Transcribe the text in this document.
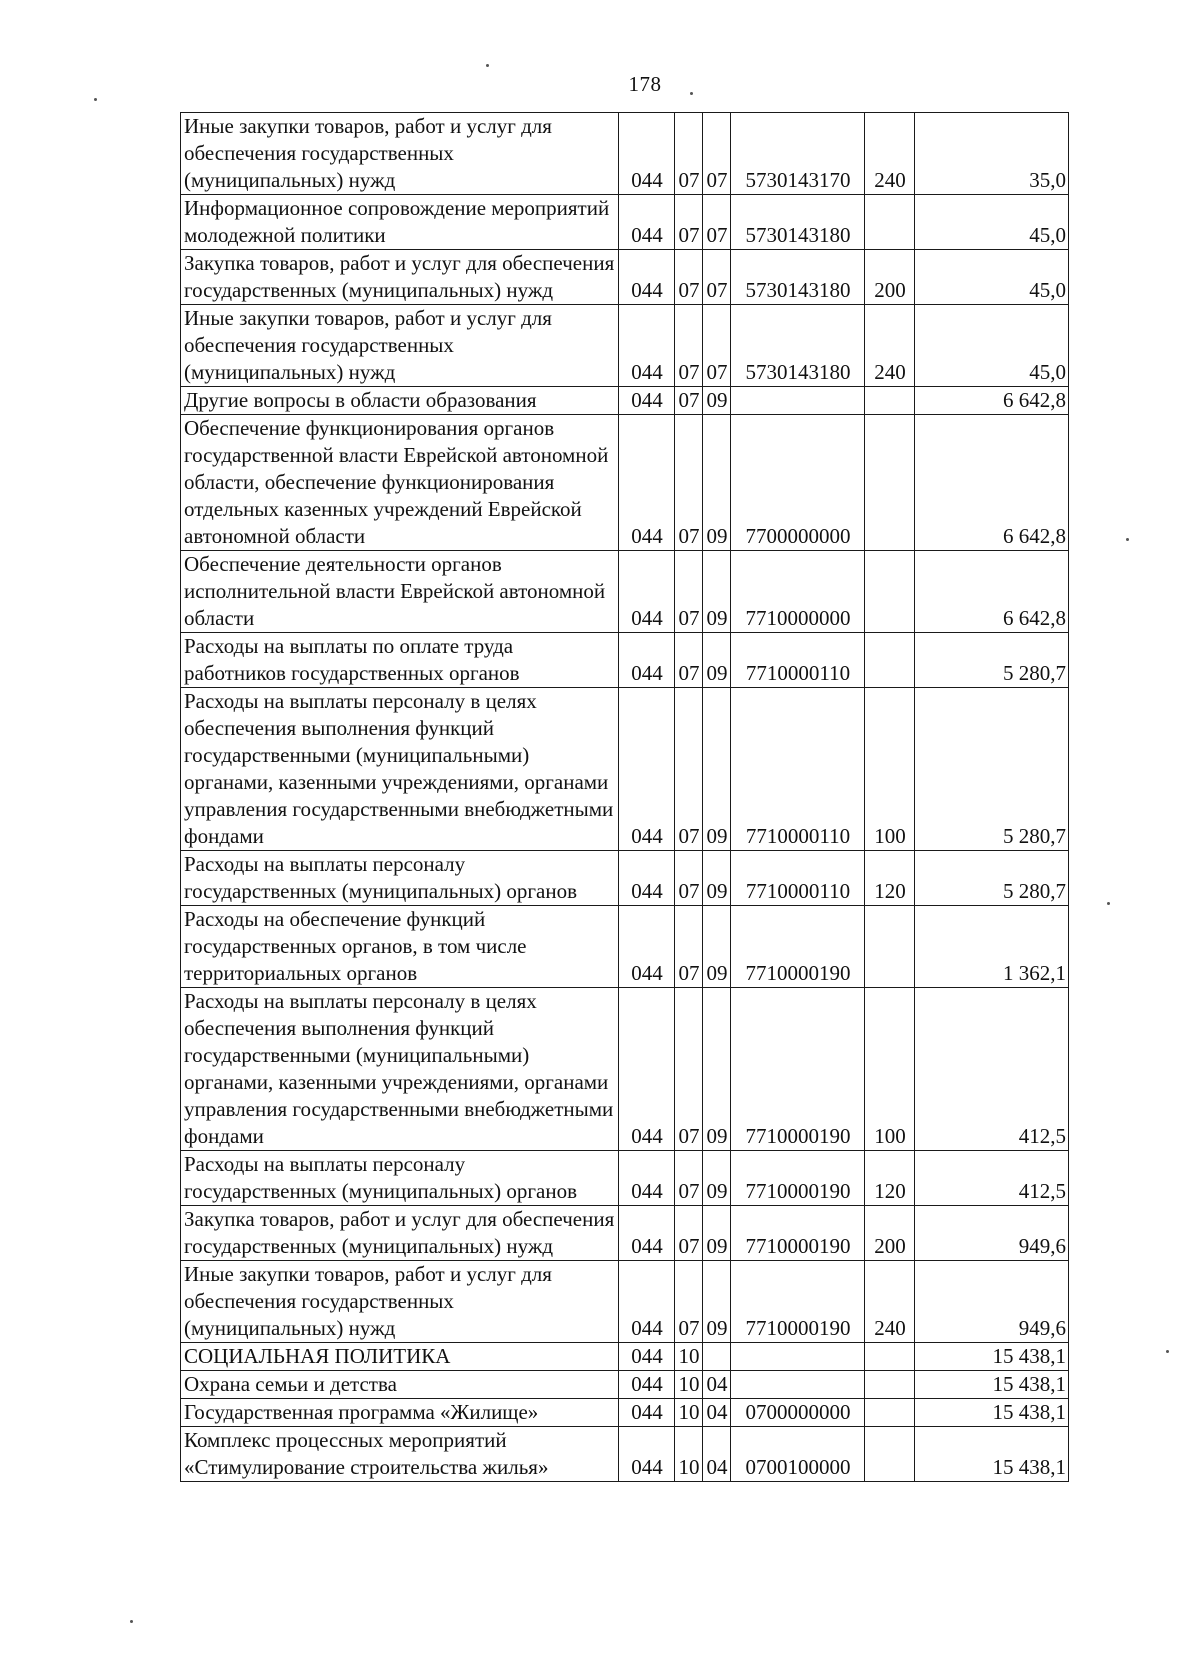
178
Иные закупки товаров, работ и услуг для обеспечения государственных (муниципальных) нужд	044	07	07	5730143170	240	35,0
Информационное сопровождение мероприятий молодежной политики	044	07	07	5730143180		45,0
Закупка товаров, работ и услуг для обеспечения государственных (муниципальных) нужд	044	07	07	5730143180	200	45,0
Иные закупки товаров, работ и услуг для обеспечения государственных (муниципальных) нужд	044	07	07	5730143180	240	45,0
Другие вопросы в области образования	044	07	09			6 642,8
Обеспечение функционирования органов государственной власти Еврейской автономной области, обеспечение функционирования отдельных казенных учреждений Еврейской автономной области	044	07	09	7700000000		6 642,8
Обеспечение деятельности органов исполнительной власти Еврейской автономной области	044	07	09	7710000000		6 642,8
Расходы на выплаты по оплате труда работников государственных органов	044	07	09	7710000110		5 280,7
Расходы на выплаты персоналу в целях обеспечения выполнения функций государственными (муниципальными) органами, казенными учреждениями, органами управления государственными внебюджетными фондами	044	07	09	7710000110	100	5 280,7
Расходы на выплаты персоналу государственных (муниципальных) органов	044	07	09	7710000110	120	5 280,7
Расходы на обеспечение функций государственных органов, в том числе территориальных органов	044	07	09	7710000190		1 362,1
Расходы на выплаты персоналу в целях обеспечения выполнения функций государственными (муниципальными) органами, казенными учреждениями, органами управления государственными внебюджетными фондами	044	07	09	7710000190	100	412,5
Расходы на выплаты персоналу государственных (муниципальных) органов	044	07	09	7710000190	120	412,5
Закупка товаров, работ и услуг для обеспечения государственных (муниципальных) нужд	044	07	09	7710000190	200	949,6
Иные закупки товаров, работ и услуг для обеспечения государственных (муниципальных) нужд	044	07	09	7710000190	240	949,6
СОЦИАЛЬНАЯ ПОЛИТИКА	044	10				15 438,1
Охрана семьи и детства	044	10	04			15 438,1
Государственная программа «Жилище»	044	10	04	0700000000		15 438,1
Комплекс процессных мероприятий «Стимулирование строительства жилья»	044	10	04	0700100000		15 438,1
